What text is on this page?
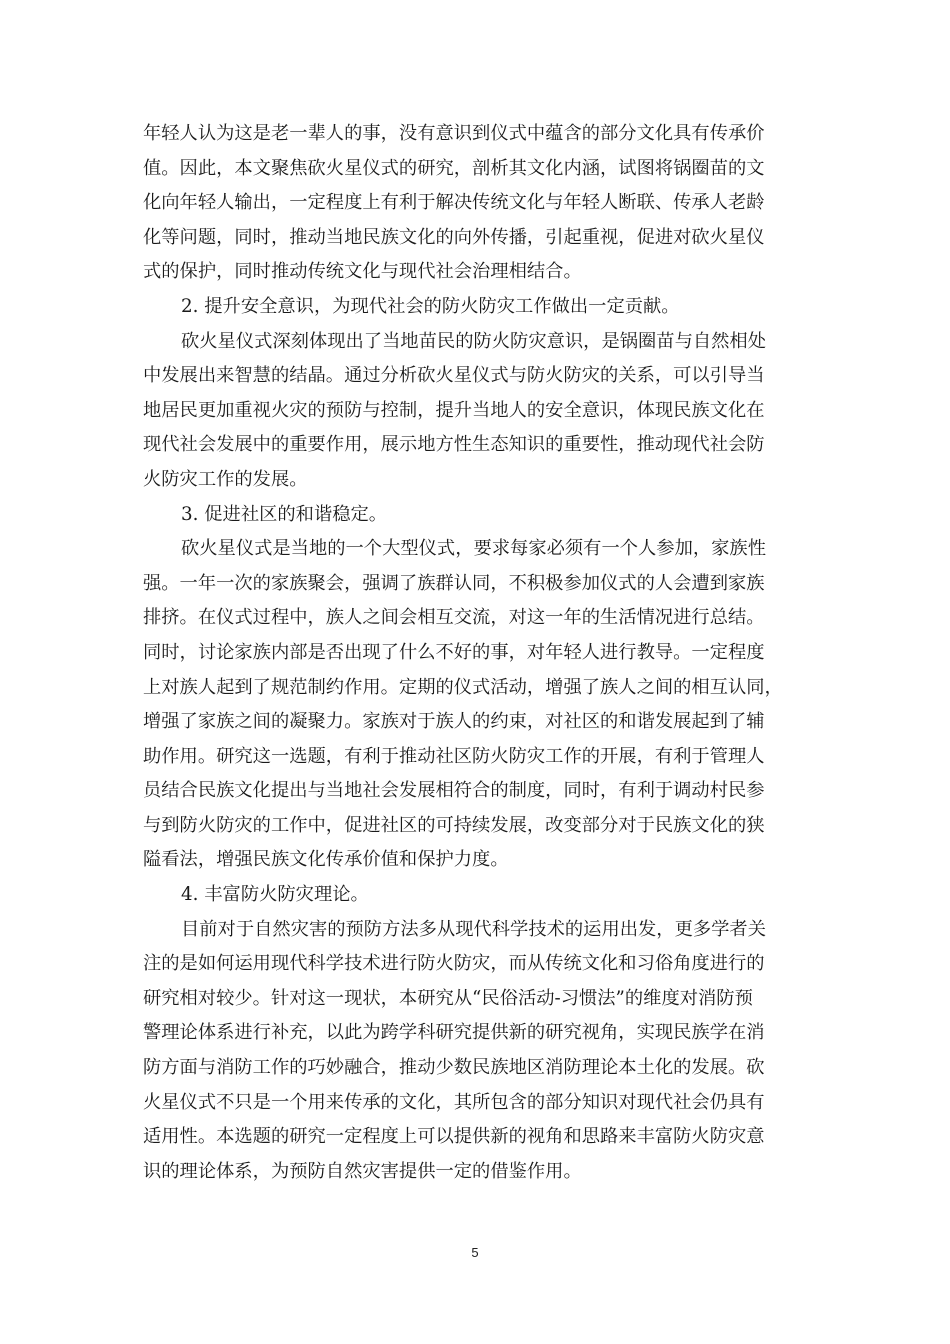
年轻人认为这是老一辈人的事，没有意识到仪式中蕴含的部分文化具有传承价
值。因此，本文聚焦砍火星仪式的研究，剖析其文化内涵，试图将锅圈苗的文
化向年轻人输出，一定程度上有利于解决传统文化与年轻人断联、传承人老龄
化等问题，同时，推动当地民族文化的向外传播，引起重视，促进对砍火星仪
式的保护，同时推动传统文化与现代社会治理相结合。
2. 提升安全意识，为现代社会的防火防灾工作做出一定贡献。
砍火星仪式深刻体现出了当地苗民的防火防灾意识，是锅圈苗与自然相处
中发展出来智慧的结晶。通过分析砍火星仪式与防火防灾的关系，可以引导当
地居民更加重视火灾的预防与控制，提升当地人的安全意识，体现民族文化在
现代社会发展中的重要作用，展示地方性生态知识的重要性，推动现代社会防
火防灾工作的发展。
3. 促进社区的和谐稳定。
砍火星仪式是当地的一个大型仪式，要求每家必须有一个人参加，家族性
强。一年一次的家族聚会，强调了族群认同，不积极参加仪式的人会遭到家族
排挤。在仪式过程中，族人之间会相互交流，对这一年的生活情况进行总结。
同时，讨论家族内部是否出现了什么不好的事，对年轻人进行教导。一定程度
上对族人起到了规范制约作用。定期的仪式活动，增强了族人之间的相互认同，
增强了家族之间的凝聚力。家族对于族人的约束，对社区的和谐发展起到了辅
助作用。研究这一选题，有利于推动社区防火防灾工作的开展，有利于管理人
员结合民族文化提出与当地社会发展相符合的制度，同时，有利于调动村民参
与到防火防灾的工作中，促进社区的可持续发展，改变部分对于民族文化的狭
隘看法，增强民族文化传承价值和保护力度。
4. 丰富防火防灾理论。
目前对于自然灾害的预防方法多从现代科学技术的运用出发，更多学者关
注的是如何运用现代科学技术进行防火防灾，而从传统文化和习俗角度进行的
研究相对较少。针对这一现状，本研究从“民俗活动-习惯法”的维度对消防预
警理论体系进行补充，以此为跨学科研究提供新的研究视角，实现民族学在消
防方面与消防工作的巧妙融合，推动少数民族地区消防理论本土化的发展。砍
火星仪式不只是一个用来传承的文化，其所包含的部分知识对现代社会仍具有
适用性。本选题的研究一定程度上可以提供新的视角和思路来丰富防火防灾意
识的理论体系，为预防自然灾害提供一定的借鉴作用。
5
